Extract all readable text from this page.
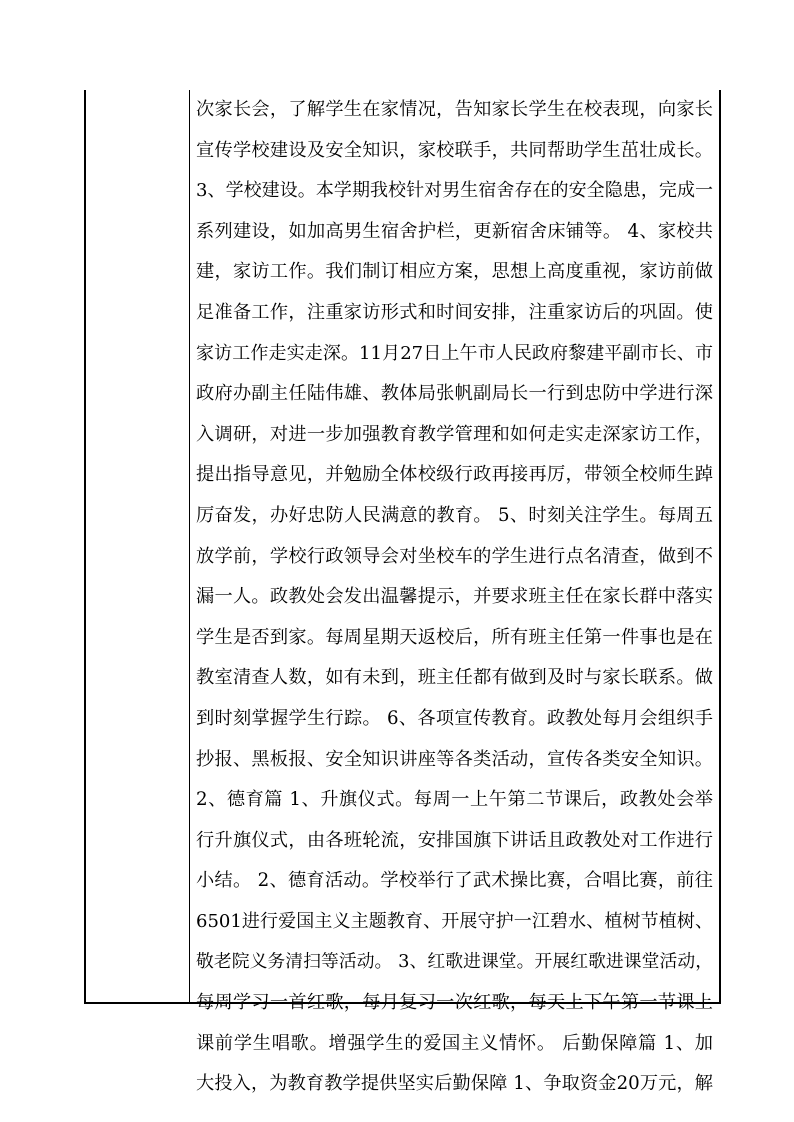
次家长会，了解学生在家情况，告知家长学生在校表现，向家长
宣传学校建设及安全知识，家校联手，共同帮助学生茁壮成长。
3、学校建设。本学期我校针对男生宿舍存在的安全隐患，完成一
系列建设，如加高男生宿舍护栏，更新宿舍床铺等。 4、家校共
建，家访工作。我们制订相应方案，思想上高度重视，家访前做
足准备工作，注重家访形式和时间安排，注重家访后的巩固。使
家访工作走实走深。11月27日上午市人民政府黎建平副市长、市
政府办副主任陆伟雄、教体局张帆副局长一行到忠防中学进行深
入调研，对进一步加强教育教学管理和如何走实走深家访工作，
提出指导意见，并勉励全体校级行政再接再厉，带领全校师生踔
厉奋发，办好忠防人民满意的教育。 5、时刻关注学生。每周五
放学前，学校行政领导会对坐校车的学生进行点名清查，做到不
漏一人。政教处会发出温馨提示，并要求班主任在家长群中落实
学生是否到家。每周星期天返校后，所有班主任第一件事也是在
教室清查人数，如有未到，班主任都有做到及时与家长联系。做
到时刻掌握学生行踪。 6、各项宣传教育。政教处每月会组织手
抄报、黑板报、安全知识讲座等各类活动，宣传各类安全知识。
2、德育篇 1、升旗仪式。每周一上午第二节课后，政教处会举
行升旗仪式，由各班轮流，安排国旗下讲话且政教处对工作进行
小结。 2、德育活动。学校举行了武术操比赛，合唱比赛，前往
6501进行爱国主义主题教育、开展守护一江碧水、植树节植树、
敬老院义务清扫等活动。 3、红歌进课堂。开展红歌进课堂活动，
每周学习一首红歌，每月复习一次红歌，每天上下午第一节课上
课前学生唱歌。增强学生的爱国主义情怀。 后勤保障篇 1、加
大投入，为教育教学提供坚实后勤保障 1、争取资金20万元，解
